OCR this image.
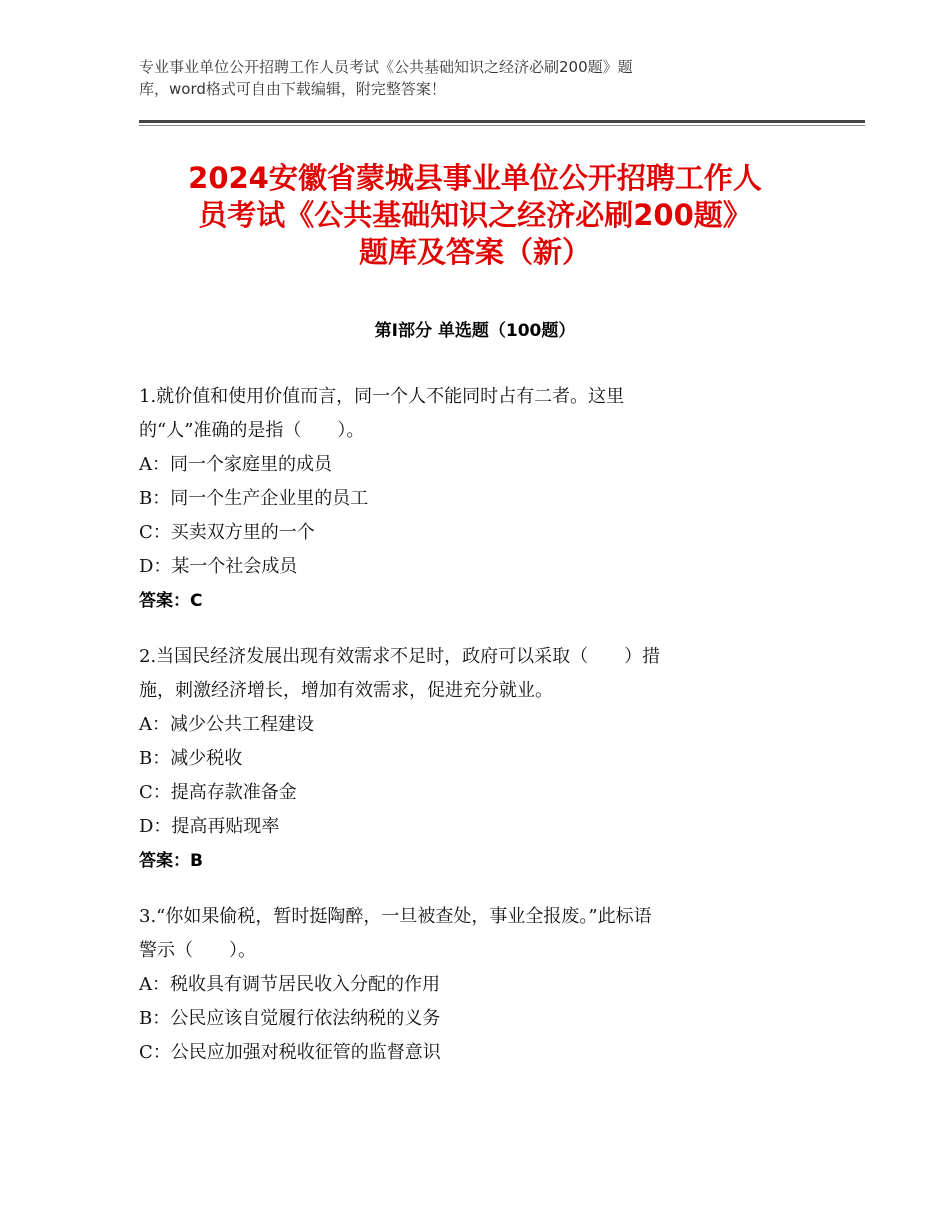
专业事业单位公开招聘工作人员考试《公共基础知识之经济必刷200题》题
库，word格式可自由下载编辑，附完整答案！
2024安徽省蒙城县事业单位公开招聘工作人
员考试《公共基础知识之经济必刷200题》
题库及答案（新）
第Ⅰ部分 单选题（100题）
1.就价值和使用价值而言，同一个人不能同时占有二者。这里
的“人”准确的是指（　　）。
A：同一个家庭里的成员
B：同一个生产企业里的员工
C：买卖双方里的一个
D：某一个社会成员
答案：C
2.当国民经济发展出现有效需求不足时，政府可以采取（　　）措
施，刺激经济增长，增加有效需求，促进充分就业。
A：减少公共工程建设
B：减少税收
C：提高存款准备金
D：提高再贴现率
答案：B
3.“你如果偷税，暂时挺陶醉，一旦被查处，事业全报废。”此标语
警示（　　）。
A：税收具有调节居民收入分配的作用
B：公民应该自觉履行依法纳税的义务
C：公民应加强对税收征管的监督意识
